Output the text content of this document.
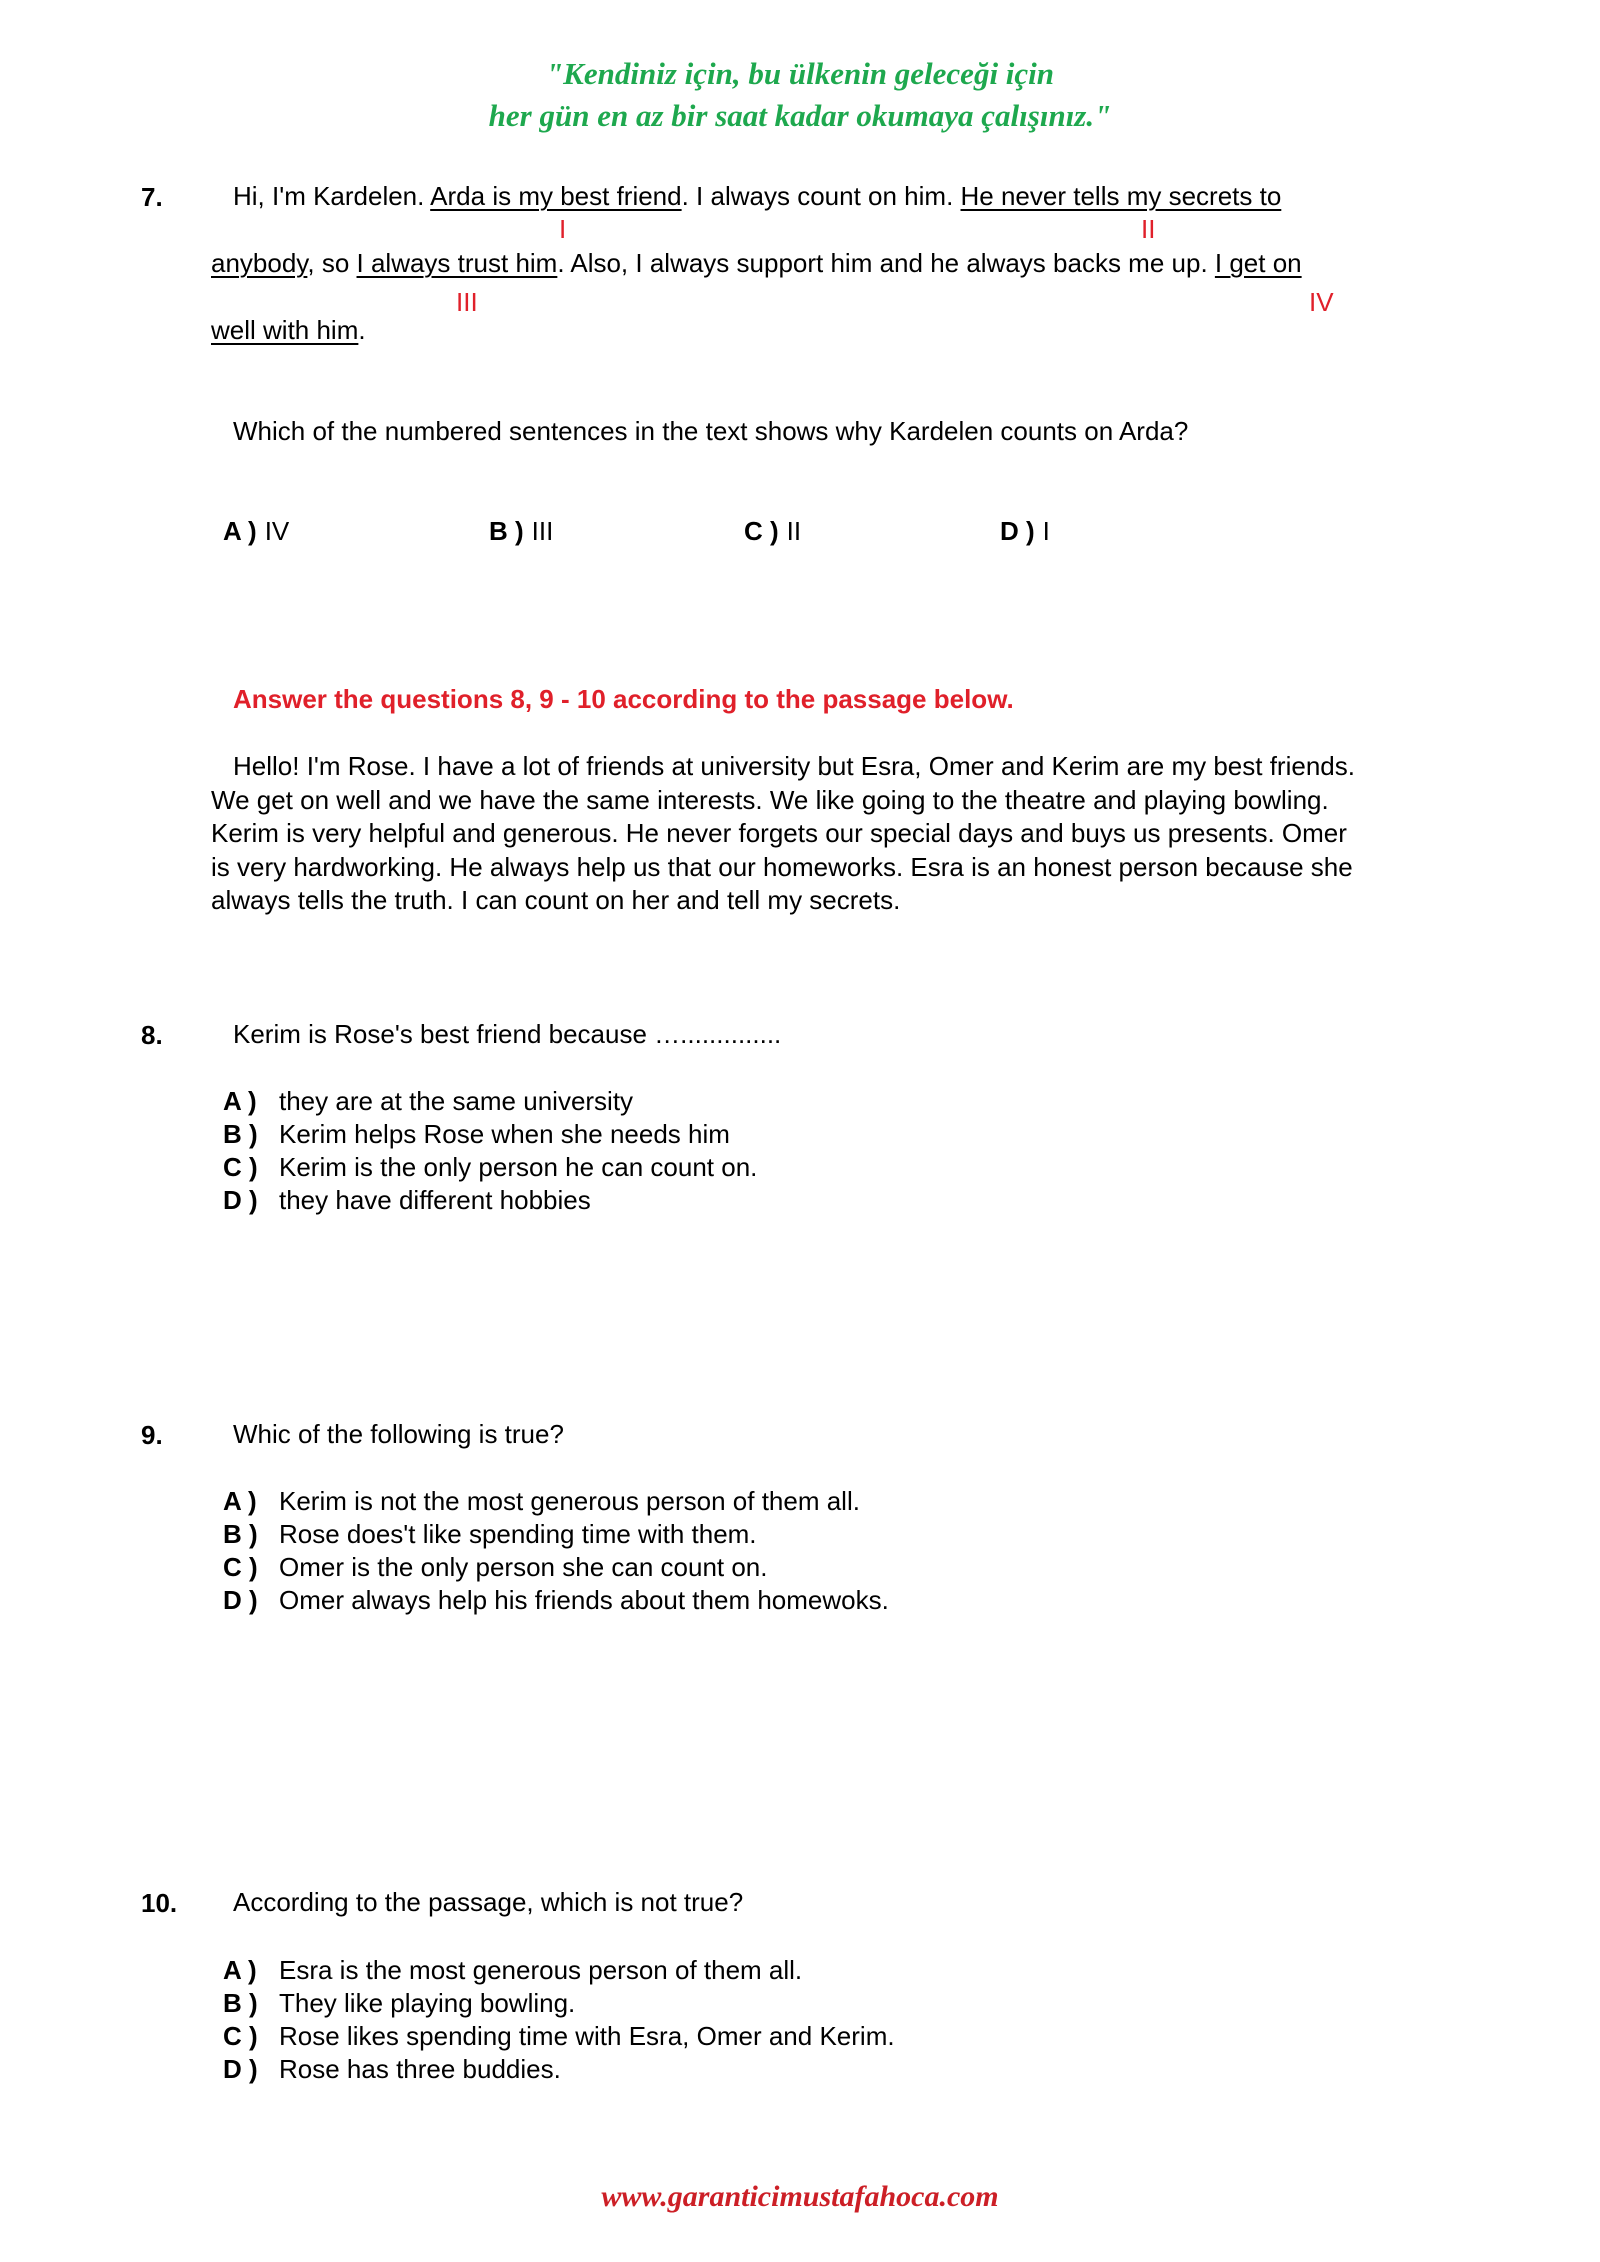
"Kendiniz için, bu ülkenin geleceği için
her gün en az bir saat kadar okumaya çalışınız."
7.	Hi, I'm Kardelen. Arda is my best friend. I always count on him. He never tells my secrets to
I	II
anybody, so I always trust him. Also, I always support him and he always backs me up. I get on
III	IV
well with him.
Which of the numbered sentences in the text shows why Kardelen counts on Arda?
A ) IV	B ) III	C ) II	D ) I
Answer the questions 8, 9 - 10 according to the passage below.
Hello! I'm Rose. I have a lot of friends at university but Esra, Omer and Kerim are my best friends. We get on well and we have the same interests. We like going to the theatre and playing bowling. Kerim is very helpful and generous. He never forgets our special days and buys us presents. Omer is very hardworking. He always help us that our homeworks. Esra is an honest person because she always tells the truth. I can count on her and tell my secrets.
8.	Kerim is Rose's best friend because …..............
A ) they are at the same university
B ) Kerim helps Rose when she needs him
C ) Kerim is the only person he can count on.
D ) they have different hobbies
9.	Whic of the following is true?
A ) Kerim is not the most generous person of them all.
B ) Rose does't like spending time with them.
C ) Omer is the only person she can count on.
D ) Omer always help his friends about them homewoks.
10. According to the passage, which is not true?
A ) Esra is the most generous person of them all.
B ) They like playing bowling.
C ) Rose likes spending time with Esra, Omer and Kerim.
D ) Rose has three buddies.
www.garanticimustafahoca.com
